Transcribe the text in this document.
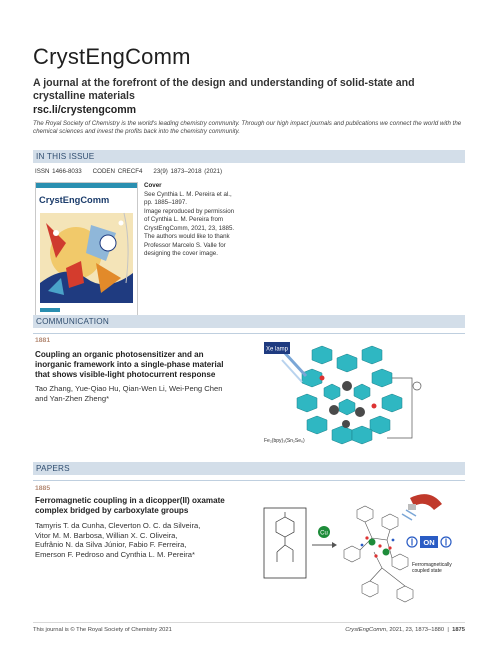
CrystEngComm
A journal at the forefront of the design and understanding of solid-state and crystalline materials
rsc.li/crystengcomm
The Royal Society of Chemistry is the world's leading chemistry community. Through our high impact journals and publications we connect the world with the chemical sciences and invest the profits back into the chemistry community.
IN THIS ISSUE
ISSN 1466-8033 CODEN CRECF4 23(9) 1873–2018 (2021)
CrystEngComm
Cover
See Cynthia L. M. Pereira et al.,
pp. 1885–1897.
Image reproduced by permission
of Cynthia L. M. Pereira from
CrystEngComm, 2021, 23, 1885.
The authors would like to thank
Professor Marcelo S. Valle for
designing the cover image.
COMMUNICATION
1881
Coupling an organic photosensitizer and an
inorganic framework into a single-phase material
that shows visible-light photocurrent response
Tao Zhang, Yue-Qiao Hu, Qian-Wen Li, Wei-Peng Chen
and Yan-Zhen Zheng*
Xe lamp
Fe₂(bpy)₃(Sn₂Se₆)
PAPERS
1885
Ferromagnetic coupling in a dicopper(II) oxamate
complex bridged by carboxylate groups
Tamyris T. da Cunha, Cleverton O. C. da Silveira,
Vitor M. M. Barbosa, Willian X. C. Oliveira,
Eufrânio N. da Silva Júnior, Fabio F. Ferreira,
Emerson F. Pedroso and Cynthia L. M. Pereira*
Cu
ON
Ferromagnetically
coupled state
This journal is © The Royal Society of Chemistry 2021	CrystEngComm, 2021, 23, 1873–1880  |  1875
